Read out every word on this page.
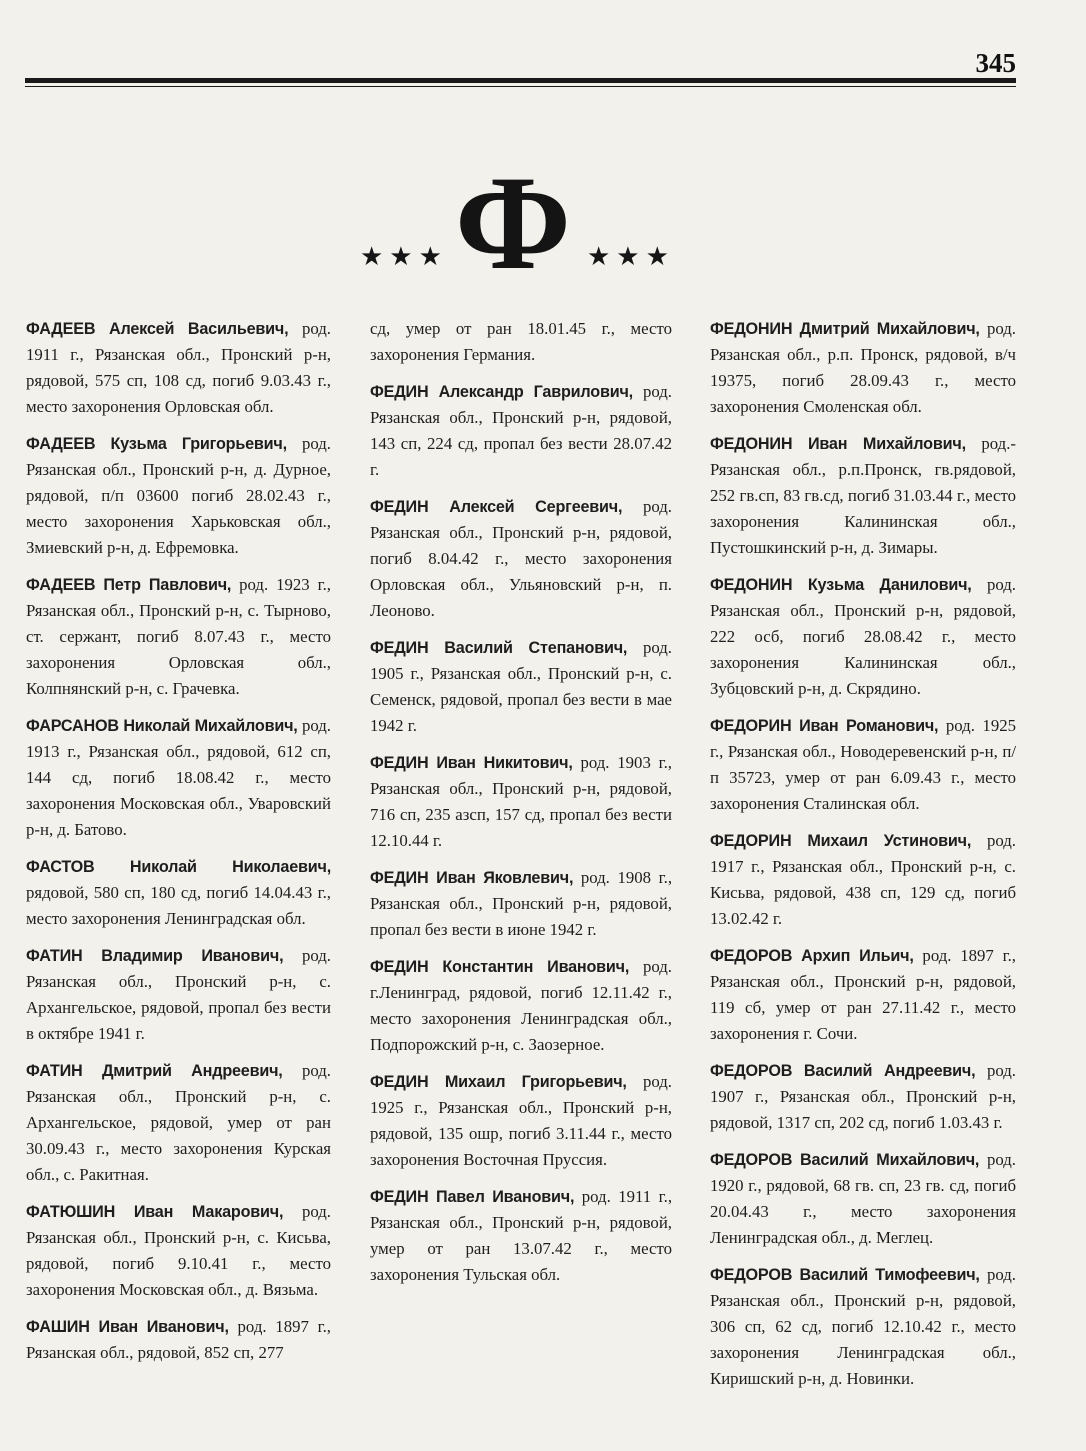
345
★★★ Ф ★★★

ФАДЕЕВ Алексей Васильевич, род. 1911 г., Рязанская обл., Пронский р-н, рядовой, 575 сп, 108 сд, погиб 9.03.43 г., место захоронения Орловская обл.

ФАДЕЕВ Кузьма Григорьевич, род. Рязанская обл., Пронский р-н, д. Дурное, рядовой, п/п 03600 погиб 28.02.43 г., место захоронения Харьковская обл., Змиевский р-н, д. Ефремовка.

ФАДЕЕВ Петр Павлович, род. 1923 г., Рязанская обл., Пронский р-н, с. Тырново, ст. сержант, погиб 8.07.43 г., место захоронения Орловская обл., Колпнянский р-н, с. Грачевка.

ФАРСАНОВ Николай Михайлович, род. 1913 г., Рязанская обл., рядовой, 612 сп, 144 сд, погиб 18.08.42 г., место захоронения Московская обл., Уваровский р-н, д. Батово.

ФАСТОВ Николай Николаевич, рядовой, 580 сп, 180 сд, погиб 14.04.43 г., место захоронения Ленинградская обл.

ФАТИН Владимир Иванович, род. Рязанская обл., Пронский р-н, с. Архангельское, рядовой, пропал без вести в октябре 1941 г.

ФАТИН Дмитрий Андреевич, род. Рязанская обл., Пронский р-н, с. Архангельское, рядовой, умер от ран 30.09.43 г., место захоронения Курская обл., с. Ракитная.

ФАТЮШИН Иван Макарович, род. Рязанская обл., Пронский р-н, с. Кисьва, рядовой, погиб 9.10.41 г., место захоронения Московская обл., д. Вязьма.

ФАШИН Иван Иванович, род. 1897 г., Рязанская обл., рядовой, 852 сп, 277

сд, умер от ран 18.01.45 г., место захоронения Германия.

ФЕДИН Александр Гаврилович, род. Рязанская обл., Пронский р-н, рядовой, 143 сп, 224 сд, пропал без вести 28.07.42 г.

ФЕДИН Алексей Сергеевич, род. Рязанская обл., Пронский р-н, рядовой, погиб 8.04.42 г., место захоронения Орловская обл., Ульяновский р-н, п. Леоново.

ФЕДИН Василий Степанович, род. 1905 г., Рязанская обл., Пронский р-н, с. Семенск, рядовой, пропал без вести в мае 1942 г.

ФЕДИН Иван Никитович, род. 1903 г., Рязанская обл., Пронский р-н, рядовой, 716 сп, 235 азсп, 157 сд, пропал без вести 12.10.44 г.

ФЕДИН Иван Яковлевич, род. 1908 г., Рязанская обл., Пронский р-н, рядовой, пропал без вести в июне 1942 г.

ФЕДИН Константин Иванович, род. г.Ленинград, рядовой, погиб 12.11.42 г., место захоронения Ленинградская обл., Подпорожский р-н, с. Заозерное.

ФЕДИН Михаил Григорьевич, род. 1925 г., Рязанская обл., Пронский р-н, рядовой, 135 ошр, погиб 3.11.44 г., место захоронения Восточная Пруссия.

ФЕДИН Павел Иванович, род. 1911 г., Рязанская обл., Пронский р-н, рядовой, умер от ран 13.07.42 г., место захоронения Тульская обл.

ФЕДОНИН Дмитрий Михайлович, род. Рязанская обл., р.п. Пронск, рядовой, в/ч 19375, погиб 28.09.43 г., место захоронения Смоленская обл.

ФЕДОНИН Иван Михайлович, род.- Рязанская обл., р.п.Пронск, гв.рядовой, 252 гв.сп, 83 гв.сд, погиб 31.03.44 г., место захоронения Калининская обл., Пустошкинский р-н, д. Зимары.

ФЕДОНИН Кузьма Данилович, род. Рязанская обл., Пронский р-н, рядовой, 222 осб, погиб 28.08.42 г., место захоронения Калининская обл., Зубцовский р-н, д. Скрядино.

ФЕДОРИН Иван Романович, род. 1925 г., Рязанская обл., Новодеревенский р-н, п/п 35723, умер от ран 6.09.43 г., место захоронения Сталинская обл.

ФЕДОРИН Михаил Устинович, род. 1917 г., Рязанская обл., Пронский р-н, с. Кисьва, рядовой, 438 сп, 129 сд, погиб 13.02.42 г.

ФЕДОРОВ Архип Ильич, род. 1897 г., Рязанская обл., Пронский р-н, рядовой, 119 сб, умер от ран 27.11.42 г., место захоронения г. Сочи.

ФЕДОРОВ Василий Андреевич, род. 1907 г., Рязанская обл., Пронский р-н, рядовой, 1317 сп, 202 сд, погиб 1.03.43 г.

ФЕДОРОВ Василий Михайлович, род. 1920 г., рядовой, 68 гв. сп, 23 гв. сд, погиб 20.04.43 г., место захоронения Ленинградская обл., д. Меглец.

ФЕДОРОВ Василий Тимофеевич, род. Рязанская обл., Пронский р-н, рядовой, 306 сп, 62 сд, погиб 12.10.42 г., место захоронения Ленинградская обл., Киришский р-н, д. Новинки.
